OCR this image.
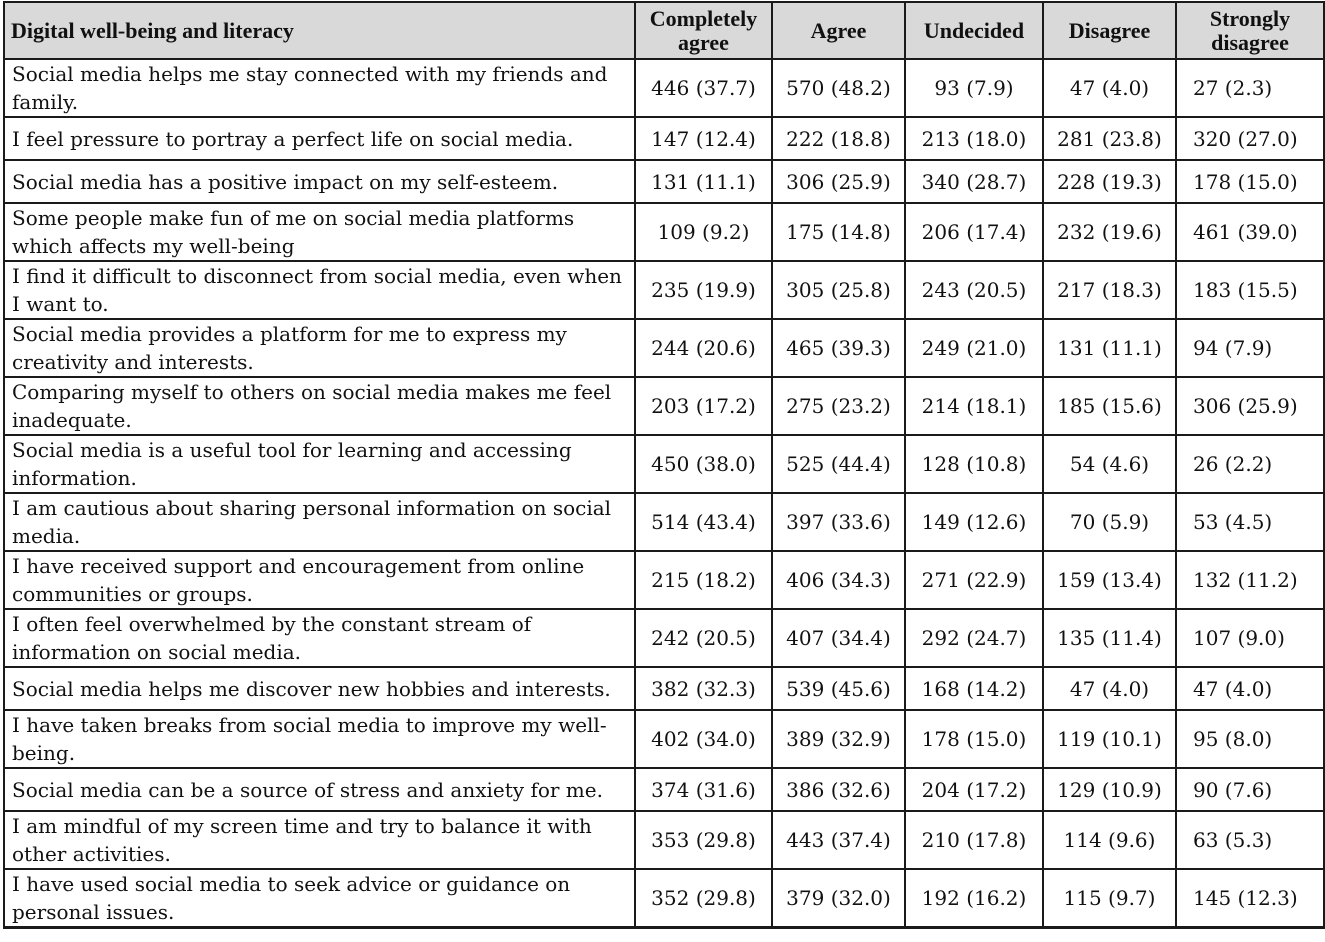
Digital well-being and literacy	Completely agree	Agree	Undecided	Disagree	Strongly disagree

Social media helps me stay connected with my friends and family.	446 (37.7)	570 (48.2)	93 (7.9)	47 (4.0)	27 (2.3)
I feel pressure to portray a perfect life on social media.	147 (12.4)	222 (18.8)	213 (18.0)	281 (23.8)	320 (27.0)
Social media has a positive impact on my self-esteem.	131 (11.1)	306 (25.9)	340 (28.7)	228 (19.3)	178 (15.0)
Some people make fun of me on social media platforms which affects my well-being	109 (9.2)	175 (14.8)	206 (17.4)	232 (19.6)	461 (39.0)
I find it difficult to disconnect from social media, even when I want to.	235 (19.9)	305 (25.8)	243 (20.5)	217 (18.3)	183 (15.5)
Social media provides a platform for me to express my creativity and interests.	244 (20.6)	465 (39.3)	249 (21.0)	131 (11.1)	94 (7.9)
Comparing myself to others on social media makes me feel inadequate.	203 (17.2)	275 (23.2)	214 (18.1)	185 (15.6)	306 (25.9)
Social media is a useful tool for learning and accessing information.	450 (38.0)	525 (44.4)	128 (10.8)	54 (4.6)	26 (2.2)
I am cautious about sharing personal information on social media.	514 (43.4)	397 (33.6)	149 (12.6)	70 (5.9)	53 (4.5)
I have received support and encouragement from online communities or groups.	215 (18.2)	406 (34.3)	271 (22.9)	159 (13.4)	132 (11.2)
I often feel overwhelmed by the constant stream of information on social media.	242 (20.5)	407 (34.4)	292 (24.7)	135 (11.4)	107 (9.0)
Social media helps me discover new hobbies and interests.	382 (32.3)	539 (45.6)	168 (14.2)	47 (4.0)	47 (4.0)
I have taken breaks from social media to improve my well-being.	402 (34.0)	389 (32.9)	178 (15.0)	119 (10.1)	95 (8.0)
Social media can be a source of stress and anxiety for me.	374 (31.6)	386 (32.6)	204 (17.2)	129 (10.9)	90 (7.6)
I am mindful of my screen time and try to balance it with other activities.	353 (29.8)	443 (37.4)	210 (17.8)	114 (9.6)	63 (5.3)
I have used social media to seek advice or guidance on personal issues.	352 (29.8)	379 (32.0)	192 (16.2)	115 (9.7)	145 (12.3)
